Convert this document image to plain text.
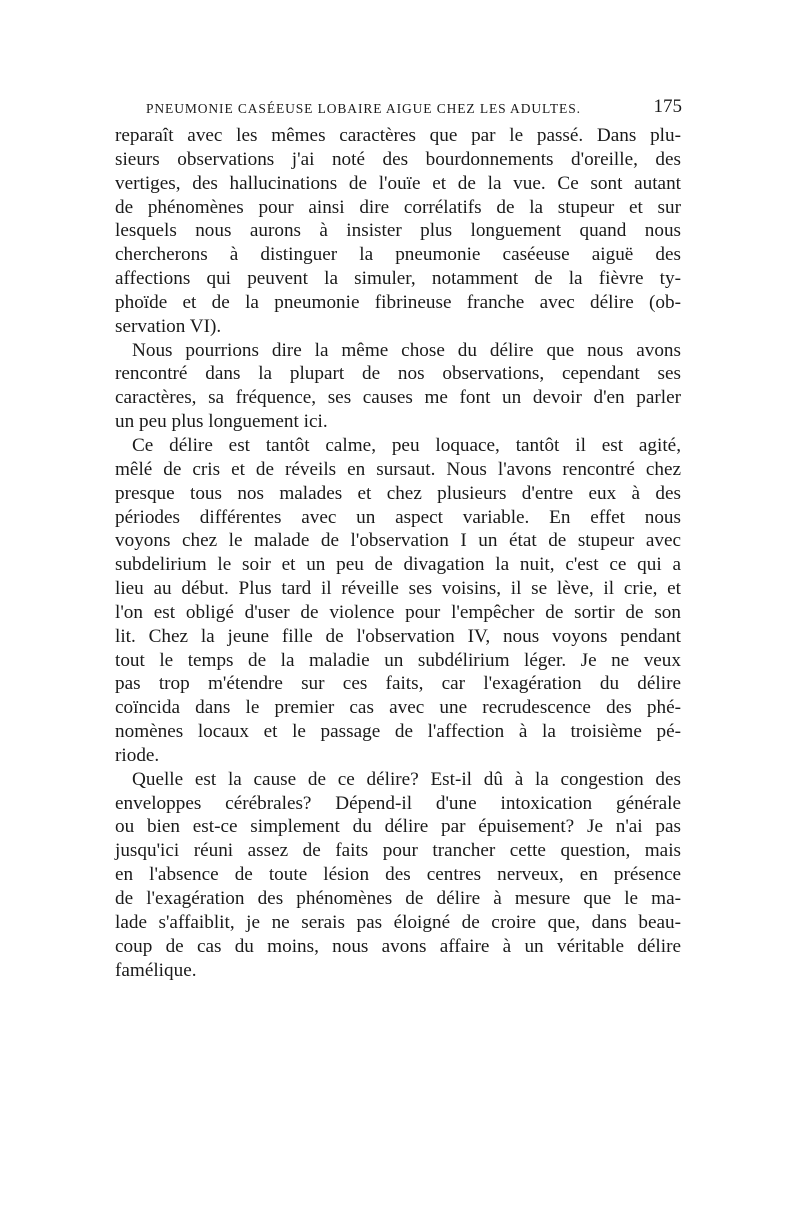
PNEUMONIE CASÉEUSE LOBAIRE AIGUE CHEZ LES ADULTES.	175
reparaît avec les mêmes caractères que par le passé. Dans plu-
sieurs observations j'ai noté des bourdonnements d'oreille, des
vertiges, des hallucinations de l'ouïe et de la vue. Ce sont autant
de phénomènes pour ainsi dire corrélatifs de la stupeur et sur
lesquels nous aurons à insister plus longuement quand nous
chercherons à distinguer la pneumonie caséeuse aiguë des
affections qui peuvent la simuler, notamment de la fièvre ty-
phoïde et de la pneumonie fibrineuse franche avec délire (ob-
servation VI).
Nous pourrions dire la même chose du délire que nous avons
rencontré dans la plupart de nos observations, cependant ses
caractères, sa fréquence, ses causes me font un devoir d'en parler
un peu plus longuement ici.
Ce délire est tantôt calme, peu loquace, tantôt il est agité,
mêlé de cris et de réveils en sursaut. Nous l'avons rencontré chez
presque tous nos malades et chez plusieurs d'entre eux à des
périodes différentes avec un aspect variable. En effet nous
voyons chez le malade de l'observation I un état de stupeur avec
subdelirium le soir et un peu de divagation la nuit, c'est ce qui a
lieu au début. Plus tard il réveille ses voisins, il se lève, il crie, et
l'on est obligé d'user de violence pour l'empêcher de sortir de son
lit. Chez la jeune fille de l'observation IV, nous voyons pendant
tout le temps de la maladie un subdélirium léger. Je ne veux
pas trop m'étendre sur ces faits, car l'exagération du délire
coïncida dans le premier cas avec une recrudescence des phé-
nomènes locaux et le passage de l'affection à la troisième pé-
riode.
Quelle est la cause de ce délire? Est-il dû à la congestion des
enveloppes cérébrales? Dépend-il d'une intoxication générale
ou bien est-ce simplement du délire par épuisement? Je n'ai pas
jusqu'ici réuni assez de faits pour trancher cette question, mais
en l'absence de toute lésion des centres nerveux, en présence
de l'exagération des phénomènes de délire à mesure que le ma-
lade s'affaiblit, je ne serais pas éloigné de croire que, dans beau-
coup de cas du moins, nous avons affaire à un véritable délire
famélique.
